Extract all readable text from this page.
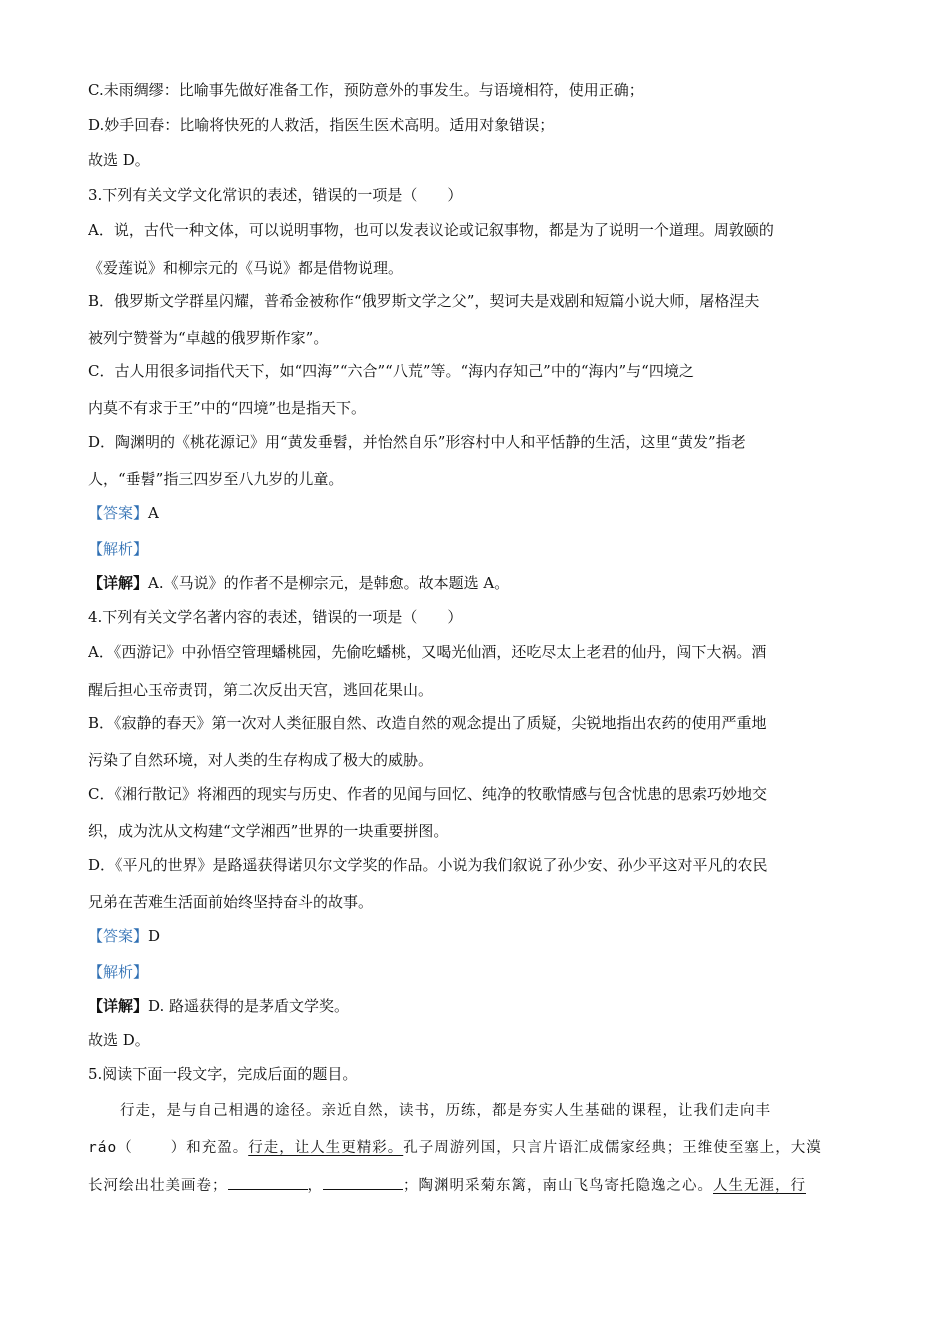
C.未雨绸缪：比喻事先做好准备工作，预防意外的事发生。与语境相符，使用正确；
D.妙手回春：比喻将快死的人救活，指医生医术高明。适用对象错误；
故选 D。
3.下列有关文学文化常识的表述，错误的一项是（　　）
A．说，古代一种文体，可以说明事物，也可以发表议论或记叙事物，都是为了说明一个道理。周敦颐的
《爱莲说》和柳宗元的《马说》都是借物说理。
B．俄罗斯文学群星闪耀，普希金被称作“俄罗斯文学之父”，契诃夫是戏剧和短篇小说大师，屠格涅夫
被列宁赞誉为“卓越的俄罗斯作家”。
C．古人用很多词指代天下，如“四海”“六合”“八荒”等。“海内存知己”中的“海内”与“四境之
内莫不有求于王”中的“四境”也是指天下。
D．陶渊明的《桃花源记》用“黄发垂髫，并怡然自乐”形容村中人和平恬静的生活，这里“黄发”指老
人，“垂髫”指三四岁至八九岁的儿童。
【答案】A
【解析】
【详解】A.《马说》的作者不是柳宗元，是韩愈。故本题选 A。
4.下列有关文学名著内容的表述，错误的一项是（　　）
A．《西游记》中孙悟空管理蟠桃园，先偷吃蟠桃，又喝光仙酒，还吃尽太上老君的仙丹，闯下大祸。酒
醒后担心玉帝责罚，第二次反出天宫，逃回花果山。
B．《寂静的春天》第一次对人类征服自然、改造自然的观念提出了质疑，尖锐地指出农药的使用严重地
污染了自然环境，对人类的生存构成了极大的威胁。
C．《湘行散记》将湘西的现实与历史、作者的见闻与回忆、纯净的牧歌情感与包含忧患的思索巧妙地交
织，成为沈从文构建“文学湘西”世界的一块重要拼图。
D．《平凡的世界》是路遥获得诺贝尔文学奖的作品。小说为我们叙说了孙少安、孙少平这对平凡的农民
兄弟在苦难生活面前始终坚持奋斗的故事。
【答案】D
【解析】
【详解】D. 路遥获得的是茅盾文学奖。
故选 D。
5.阅读下面一段文字，完成后面的题目。
行走，是与自己相遇的途径。亲近自然，读书，历练，都是夯实人生基础的课程，让我们走向丰
ráo（	）和充盈。行走，让人生更精彩。孔子周游列国，只言片语汇成儒家经典；王维使至塞上，大漠
长河绘出壮美画卷；	，	；陶渊明采菊东篱，南山飞鸟寄托隐逸之心。人生无涯，行
